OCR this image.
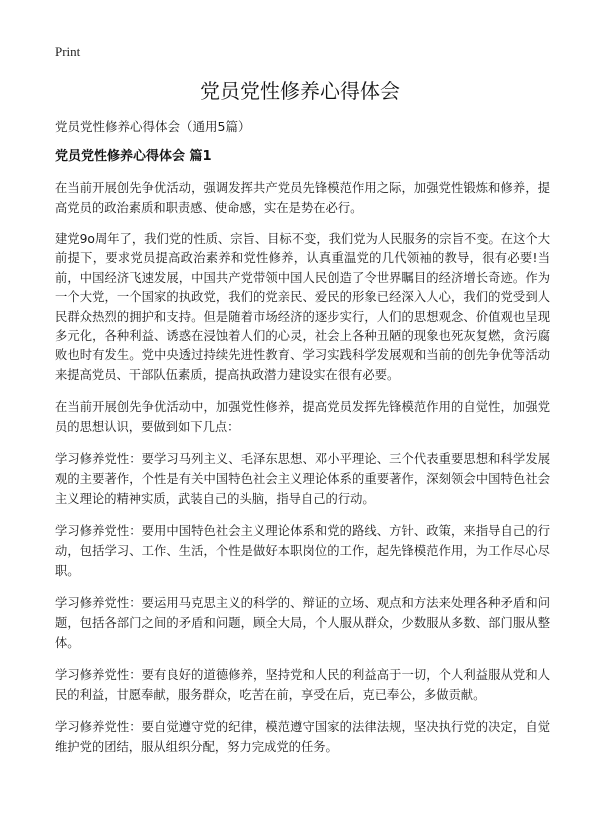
Print
党员党性修养心得体会
党员党性修养心得体会（通用5篇）
党员党性修养心得体会 篇1

在当前开展创先争优活动，强调发挥共产党员先锋模范作用之际，加强党性锻炼和修养，提高党员的政治素质和职责感、使命感，实在是势在必行。

建党9o周年了，我们党的性质、宗旨、目标不变，我们党为人民服务的宗旨不变。在这个大前提下，要求党员提高政治素养和党性修养，认真重温党的几代领袖的教导，很有必要!当前，中国经济飞速发展，中国共产党带领中国人民创造了令世界瞩目的经济增长奇迹。作为一个大党，一个国家的执政党，我们的党亲民、爱民的形象已经深入人心，我们的党受到人民群众热烈的拥护和支持。但是随着市场经济的逐步实行，人们的思想观念、价值观也呈现多元化，各种利益、诱惑在浸蚀着人们的心灵，社会上各种丑陋的现象也死灰复燃，贪污腐败也时有发生。党中央透过持续先进性教育、学习实践科学发展观和当前的创先争优等活动来提高党员、干部队伍素质，提高执政潜力建设实在很有必要。

在当前开展创先争优活动中，加强党性修养，提高党员发挥先锋模范作用的自觉性，加强党员的思想认识，要做到如下几点：

学习修养党性：要学习马列主义、毛泽东思想、邓小平理论、三个代表重要思想和科学发展观的主要著作，个性是有关中国特色社会主义理论体系的重要著作，深刻领会中国特色社会主义理论的精神实质，武装自己的头脑，指导自己的行动。

学习修养党性：要用中国特色社会主义理论体系和党的路线、方针、政策，来指导自己的行动，包括学习、工作、生活，个性是做好本职岗位的工作，起先锋模范作用，为工作尽心尽职。

学习修养党性：要运用马克思主义的科学的、辩证的立场、观点和方法来处理各种矛盾和问题，包括各部门之间的矛盾和问题，顾全大局，个人服从群众，少数服从多数、部门服从整体。

学习修养党性：要有良好的道德修养，坚持党和人民的利益高于一切，个人利益服从党和人民的利益，甘愿奉献，服务群众，吃苦在前，享受在后，克已奉公，多做贡献。

学习修养党性：要自觉遵守党的纪律，模范遵守国家的法律法规，坚决执行党的决定，自觉维护党的团结，服从组织分配，努力完成党的任务。
